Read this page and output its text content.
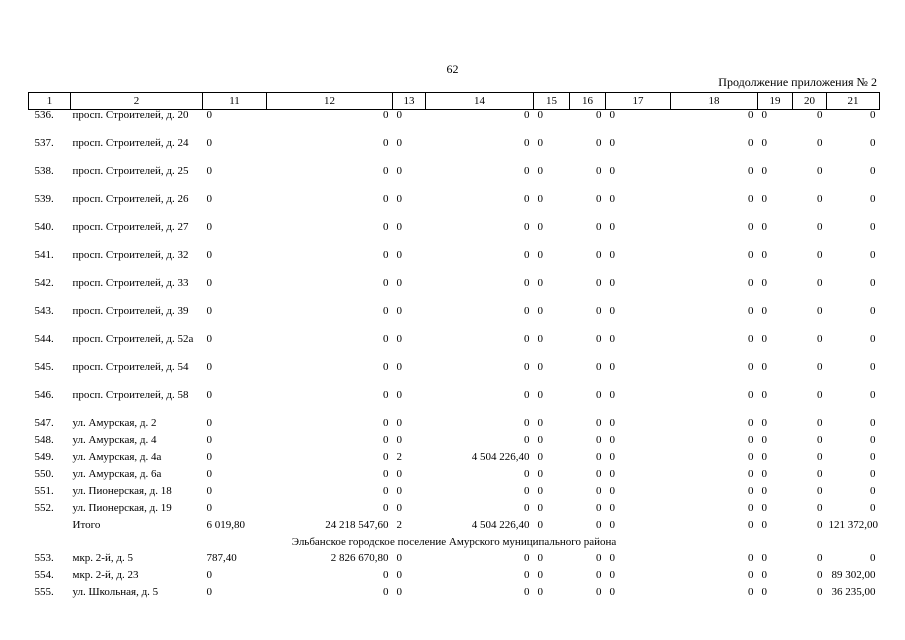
62
Продолжение приложения № 2
1	2	11	12	13	14	15	16	17	18	19	20	21
536.	просп. Строителей, д. 20	0	0	0	0	0	0	0	0	0	0	0
537.	просп. Строителей, д. 24	0	0	0	0	0	0	0	0	0	0	0
538.	просп. Строителей, д. 25	0	0	0	0	0	0	0	0	0	0	0
539.	просп. Строителей, д. 26	0	0	0	0	0	0	0	0	0	0	0
540.	просп. Строителей, д. 27	0	0	0	0	0	0	0	0	0	0	0
541.	просп. Строителей, д. 32	0	0	0	0	0	0	0	0	0	0	0
542.	просп. Строителей, д. 33	0	0	0	0	0	0	0	0	0	0	0
543.	просп. Строителей, д. 39	0	0	0	0	0	0	0	0	0	0	0
544.	просп. Строителей, д. 52а	0	0	0	0	0	0	0	0	0	0	0
545.	просп. Строителей, д. 54	0	0	0	0	0	0	0	0	0	0	0
546.	просп. Строителей, д. 58	0	0	0	0	0	0	0	0	0	0	0
547.	ул. Амурская, д. 2	0	0	0	0	0	0	0	0	0	0	0
548.	ул. Амурская, д. 4	0	0	0	0	0	0	0	0	0	0	0
549.	ул. Амурская, д. 4а	0	0	2	4 504 226,40	0	0	0	0	0	0	0
550.	ул. Амурская, д. 6а	0	0	0	0	0	0	0	0	0	0	0
551.	ул. Пионерская, д. 18	0	0	0	0	0	0	0	0	0	0	0
552.	ул. Пионерская, д. 19	0	0	0	0	0	0	0	0	0	0	0
	Итого	6 019,80	24 218 547,60	2	4 504 226,40	0	0	0	0	0	0	121 372,00
Эльбанское городское поселение Амурского муниципального района												
553.	мкр. 2-й, д. 5	787,40	2 826 670,80	0	0	0	0	0	0	0	0	0
554.	мкр. 2-й, д. 23	0	0	0	0	0	0	0	0	0	0	89 302,00
555.	ул. Школьная, д. 5	0	0	0	0	0	0	0	0	0	0	36 235,00
